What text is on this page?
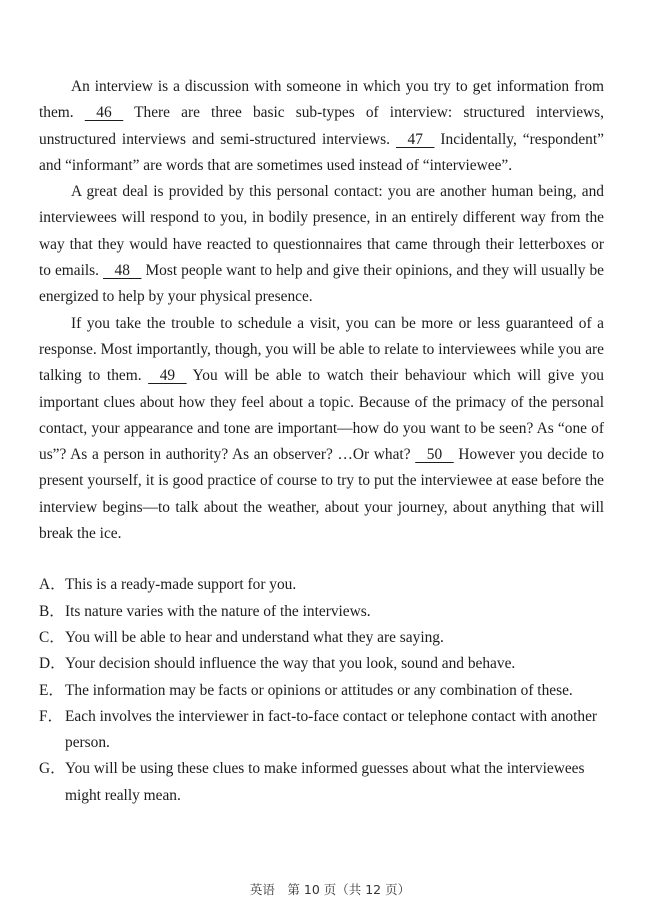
An interview is a discussion with someone in which you try to get information from them.    46    There are three basic sub-types of interview: structured interviews, unstructured interviews and semi-structured interviews.    47    Incidentally, “respondent” and “informant” are words that are sometimes used instead of “interviewee”.

A great deal is provided by this personal contact: you are another human being, and interviewees will respond to you, in bodily presence, in an entirely different way from the way that they would have reacted to questionnaires that came through their letterboxes or to emails.    48    Most people want to help and give their opinions, and they will usually be energized to help by your physical presence.

If you take the trouble to schedule a visit, you can be more or less guaranteed of a response. Most importantly, though, you will be able to relate to interviewees while you are talking to them.    49    You will be able to watch their behaviour which will give you important clues about how they feel about a topic. Because of the primacy of the personal contact, your appearance and tone are important—how do you want to be seen? As “one of us”? As a person in authority? As an observer? …Or what?    50    However you decide to present yourself, it is good practice of course to try to put the interviewee at ease before the interview begins—to talk about the weather, about your journey, about anything that will break the ice.

A．This is a ready-made support for you.

B．Its nature varies with the nature of the interviews.

C．You will be able to hear and understand what they are saying.

D．Your decision should influence the way that you look, sound and behave.

E．The information may be facts or opinions or attitudes or any combination of these.

F． Each involves the interviewer in fact-to-face contact or telephone contact with another person.

G．You will be using these clues to make informed guesses about what the interviewees might really mean.

英语　第 10 页（共 12 页）
